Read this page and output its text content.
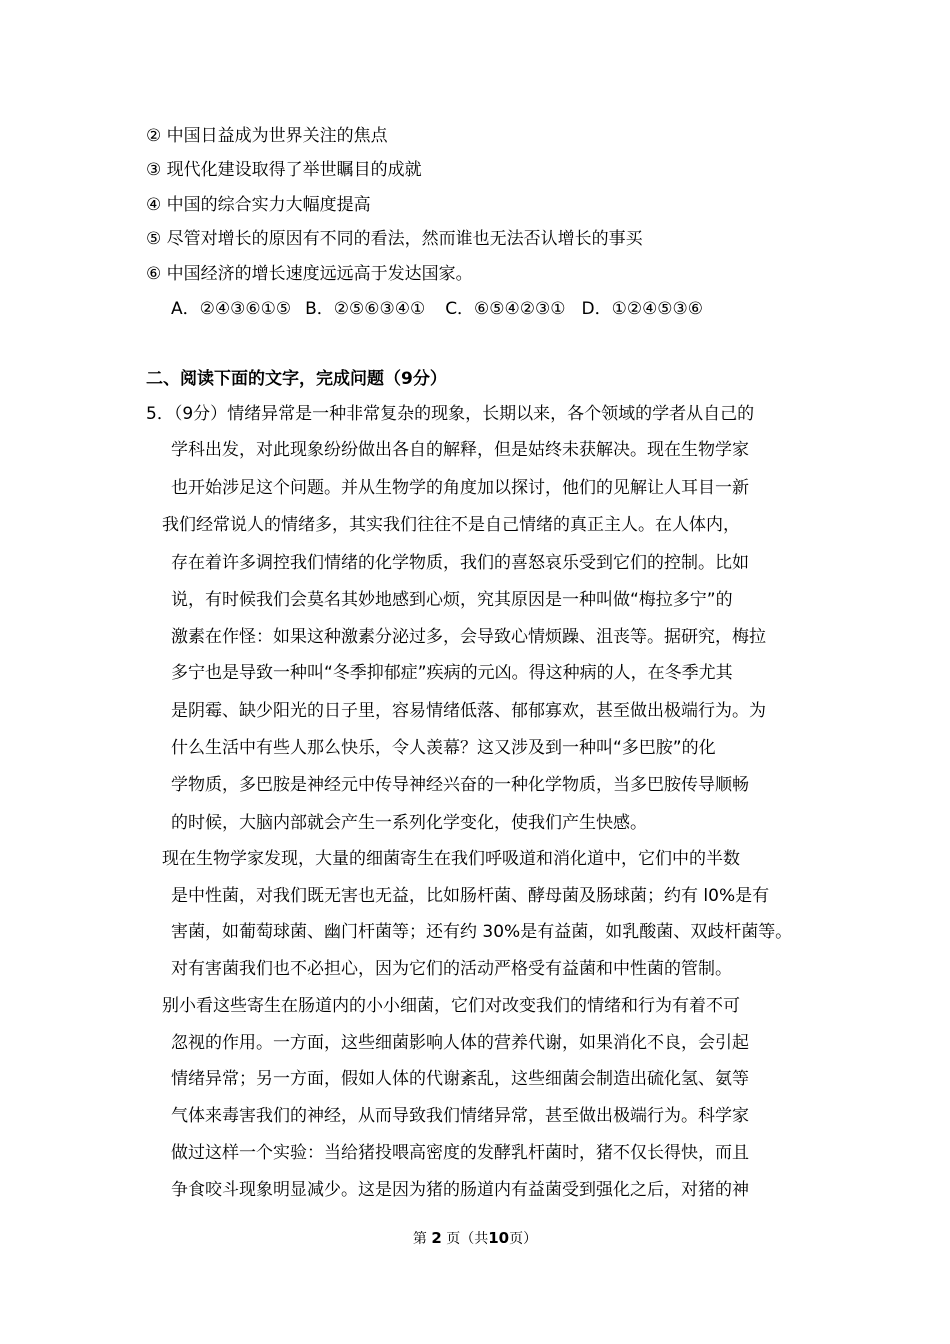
② 中国日益成为世界关注的焦点
③ 现代化建设取得了举世瞩目的成就
④ 中国的综合实力大幅度提高
⑤ 尽管对增长的原因有不同的看法，然而谁也无法否认增长的事买
⑥ 中国经济的增长速度远远高于发达国家。
A．②④③⑥①⑤ B．②⑤⑥③④① C．⑥⑤④②③① D．①②④⑤③⑥
二、阅读下面的文字，完成问题（9分）
5．（9分）情绪异常是一种非常复杂的现象，长期以来，各个领域的学者从自己的
学科出发，对此现象纷纷做出各自的解释，但是姑终未获解决。现在生物学家
也开始涉足这个问题。并从生物学的角度加以探讨，他们的见解让人耳目一新
我们经常说人的情绪多，其实我们往往不是自己情绪的真正主人。在人体内，
存在着许多调控我们情绪的化学物质，我们的喜怒哀乐受到它们的控制。比如
说，有时候我们会莫名其妙地感到心烦，究其原因是一种叫做“梅拉多宁”的
激素在作怪：如果这种激素分泌过多，会导致心情烦躁、沮丧等。据研究，梅拉
多宁也是导致一种叫“冬季抑郁症”疾病的元凶。得这种病的人，在冬季尤其
是阴霉、缺少阳光的日子里，容易情绪低落、郁郁寡欢，甚至做出极端行为。为
什么生活中有些人那么快乐，令人羡幕？这又涉及到一种叫“多巴胺”的化
学物质，多巴胺是神经元中传导神经兴奋的一种化学物质，当多巴胺传导顺畅
的时候，大脑内部就会产生一系列化学变化，使我们产生快感。
现在生物学家发现，大量的细菌寄生在我们呼吸道和消化道中，它们中的半数
是中性菌，对我们既无害也无益，比如肠杆菌、酵母菌及肠球菌；约有 l0%是有
害菌，如葡萄球菌、幽门杆菌等；还有约 30%是有益菌，如乳酸菌、双歧杆菌等。
对有害菌我们也不必担心，因为它们的活动严格受有益菌和中性菌的管制。
别小看这些寄生在肠道内的小小细菌，它们对改变我们的情绪和行为有着不可
忽视的作用。一方面，这些细菌影响人体的营养代谢，如果消化不良，会引起
情绪异常；另一方面，假如人体的代谢紊乱，这些细菌会制造出硫化氢、氨等
气体来毒害我们的神经，从而导致我们情绪异常，甚至做出极端行为。科学家
做过这样一个实验：当给猪投喂高密度的发酵乳杆菌时，猪不仅长得快，而且
争食咬斗现象明显减少。这是因为猪的肠道内有益菌受到强化之后，对猪的神
第 2 页（共10页）
